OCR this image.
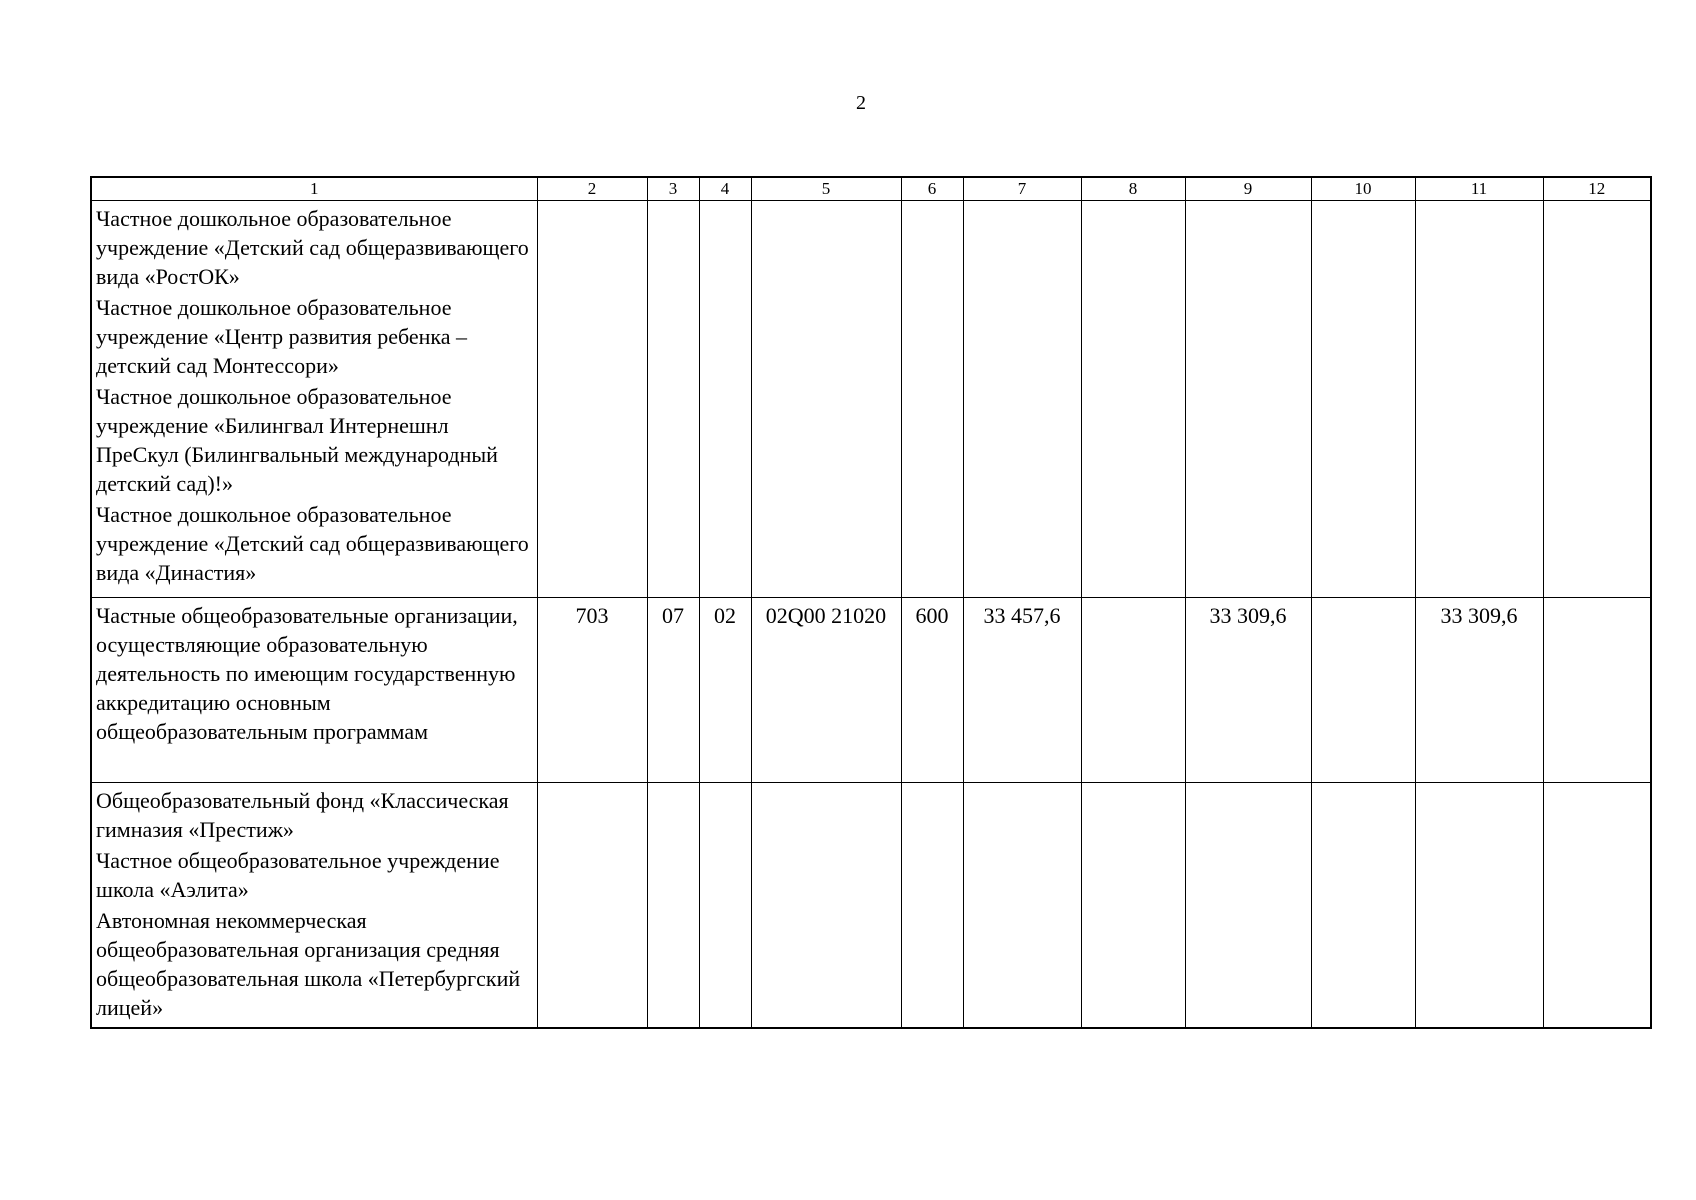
2
1	2	3	4	5	6	7	8	9	10	11	12

Частное дошкольное образовательное учреждение «Детский сад общеразвивающего вида «РостОК»
Частное дошкольное образовательное учреждение «Центр развития ребенка – детский сад Монтессори»
Частное дошкольное образовательное учреждение «Билингвал Интернешнл ПреСкул (Билингвальный международный детский сад)!»
Частное дошкольное образовательное учреждение «Детский сад общеразвивающего вида «Династия»											

Частные общеобразовательные организации, осуществляющие образовательную деятельность по имеющим государственную аккредитацию основным общеобразовательным программам	703	07	02	02Q00 21020	600	33 457,6		33 309,6		33 309,6	

Общеобразовательный фонд «Классическая гимназия «Престиж»
Частное общеобразовательное учреждение школа «Аэлита»
Автономная некоммерческая общеобразовательная организация средняя общеобразовательная школа «Петербургский лицей»											
